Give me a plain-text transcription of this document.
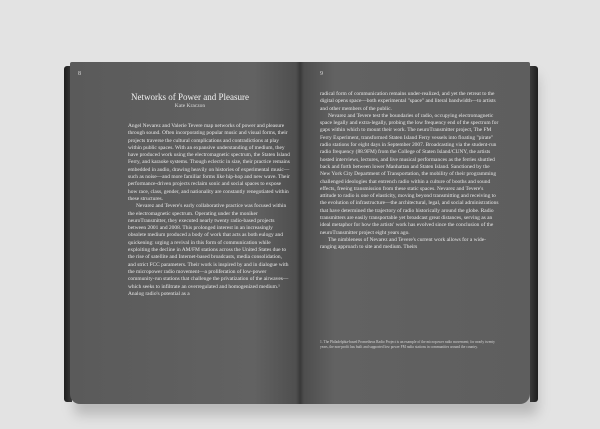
8
Networks of Power and Pleasure
Kate Kraczon

Angel Nevarez and Valerie Tevere map networks of power and pleasure through sound. Often incorporating popular music and visual forms, their projects traverse the cultural complications and contradictions at play within public spaces. With an expansive understanding of medium, they have produced work using the electromagnetic spectrum, the Staten Island Ferry, and karaoke systems. Though eclectic in size, their practice remains embedded in audio, drawing heavily on histories of experimental music—such as noise—and more familiar forms like hip-hop and new wave. Their performance-driven projects reclaim sonic and social spaces to expose how race, class, gender, and nationality are constantly renegotiated within these structures.

Nevarez and Tevere's early collaborative practice was focused within the electromagnetic spectrum. Operating under the moniker neuroTransmitter, they executed nearly twenty radio-based projects between 2001 and 2008. This prolonged interest in an increasingly obsolete medium produced a body of work that acts as both eulogy and quickening: urging a revival in this form of communication while exploiting the decline in AM/FM stations across the United States due to the rise of satellite and Internet-based broadcasts, media consolidation, and strict FCC parameters. Their work is inspired by and in dialogue with the micropower radio movement—a proliferation of low-power community-run stations that challenge the privatization of the airwaves—which seeks to infiltrate an overregulated and homogenized medium.¹ Analog radio's potential as a

9

radical form of communication remains under-realized, and yet the retreat to the digital opens space—both experimental "space" and literal bandwidth—to artists and other members of the public.

Nevarez and Tevere test the boundaries of radio, occupying electromagnetic space legally and extra-legally, probing the low frequency end of the spectrum for gaps within which to mount their work. The neuroTransmitter project, The FM Ferry Experiment, transformed Staten Island Ferry vessels into floating "pirate" radio stations for eight days in September 2007. Broadcasting via the student-run radio frequency (88.9FM) from the College of Staten Island/CUNY, the artists hosted interviews, lectures, and live musical performances as the ferries shuttled back and forth between lower Manhattan and Staten Island. Sanctioned by the New York City Department of Transportation, the mobility of their programming challenged ideologies that entrench radio within a culture of booths and sound effects, freeing transmission from these static spaces. Nevarez and Tevere's attitude to radio is one of elasticity, moving beyond transmitting and receiving to the evolution of infrastructure—the architectural, legal, and social administrations that have determined the trajectory of radio historically around the globe. Radio transmitters are easily transportable yet broadcast great distances, serving as an ideal metaphor for how the artists' work has evolved since the conclusion of the neuroTransmitter project eight years ago.

The nimbleness of Nevarez and Tevere's current work allows for a wide-ranging approach to site and medium. Theirs

1. The Philadelphia-based Prometheus Radio Project is an example of the micropower radio movement; for nearly twenty years, the non-profit has built and supported low power FM radio stations in communities around the country.
